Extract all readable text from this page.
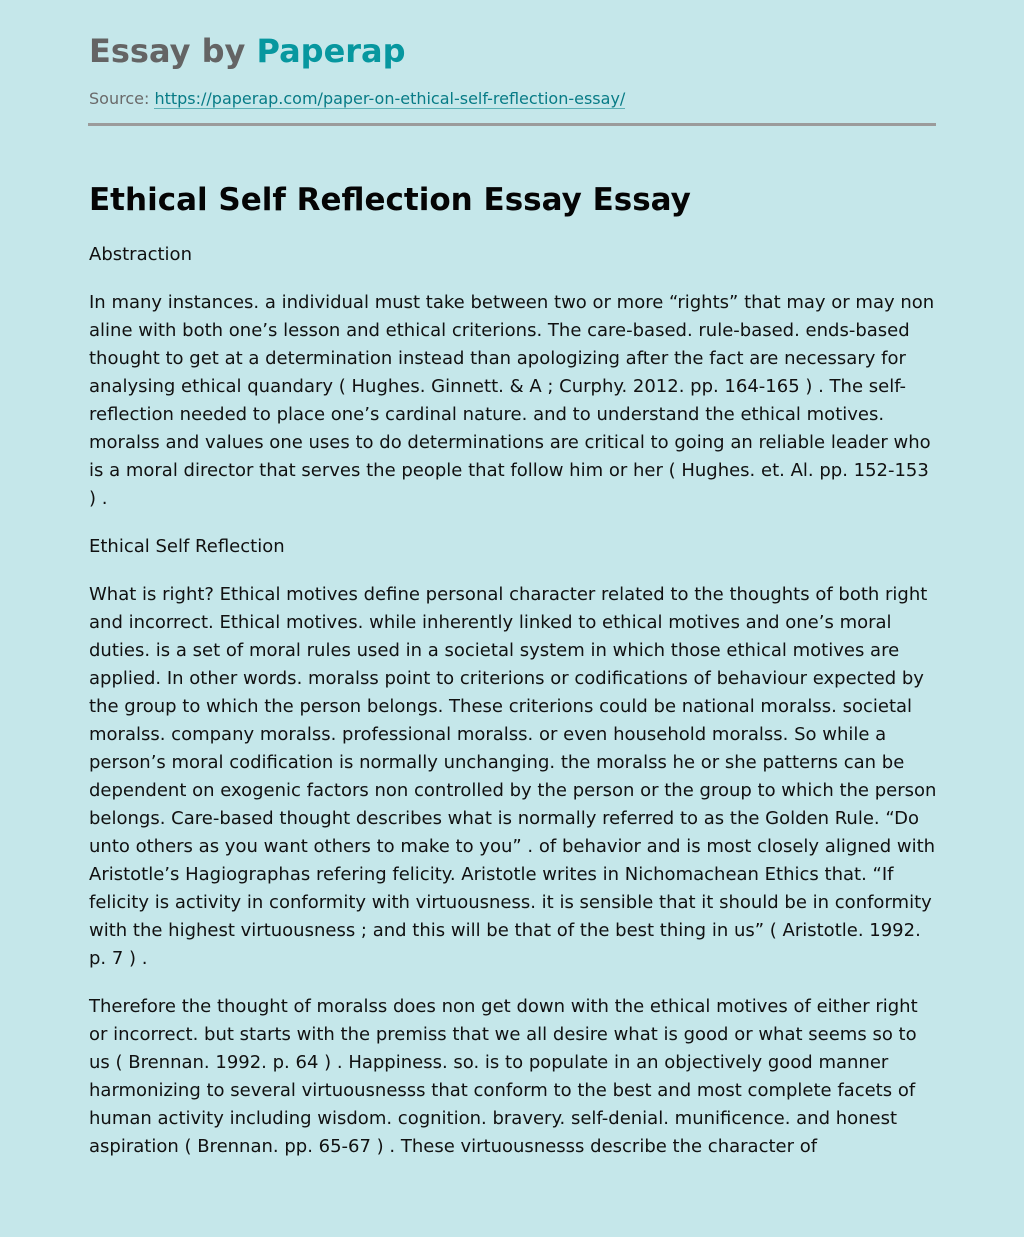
Essay by Paperap
Source: https://paperap.com/paper-on-ethical-self-reflection-essay/
Ethical Self Reflection Essay Essay

Abstraction

In many instances. a individual must take between two or more “rights” that may or may non aline with both one’s lesson and ethical criterions. The care-based. rule-based. ends-based thought to get at a determination instead than apologizing after the fact are necessary for analysing ethical quandary ( Hughes. Ginnett. & A ; Curphy. 2012. pp. 164-165 ) . The self-reflection needed to place one’s cardinal nature. and to understand the ethical motives. moralss and values one uses to do determinations are critical to going an reliable leader who is a moral director that serves the people that follow him or her ( Hughes. et. Al. pp. 152-153 ) .

Ethical Self Reflection

What is right? Ethical motives define personal character related to the thoughts of both right and incorrect. Ethical motives. while inherently linked to ethical motives and one’s moral duties. is a set of moral rules used in a societal system in which those ethical motives are applied. In other words. moralss point to criterions or codifications of behaviour expected by the group to which the person belongs. These criterions could be national moralss. societal moralss. company moralss. professional moralss. or even household moralss. So while a person’s moral codification is normally unchanging. the moralss he or she patterns can be dependent on exogenic factors non controlled by the person or the group to which the person belongs. Care-based thought describes what is normally referred to as the Golden Rule. “Do unto others as you want others to make to you” . of behavior and is most closely aligned with Aristotle’s Hagiographas refering felicity. Aristotle writes in Nichomachean Ethics that. “If felicity is activity in conformity with virtuousness. it is sensible that it should be in conformity with the highest virtuousness ; and this will be that of the best thing in us” ( Aristotle. 1992. p. 7 ) .

Therefore the thought of moralss does non get down with the ethical motives of either right or incorrect. but starts with the premiss that we all desire what is good or what seems so to us ( Brennan. 1992. p. 64 ) . Happiness. so. is to populate in an objectively good manner harmonizing to several virtuousnesss that conform to the best and most complete facets of human activity including wisdom. cognition. bravery. self-denial. munificence. and honest aspiration ( Brennan. pp. 65-67 ) . These virtuousnesss describe the character of
